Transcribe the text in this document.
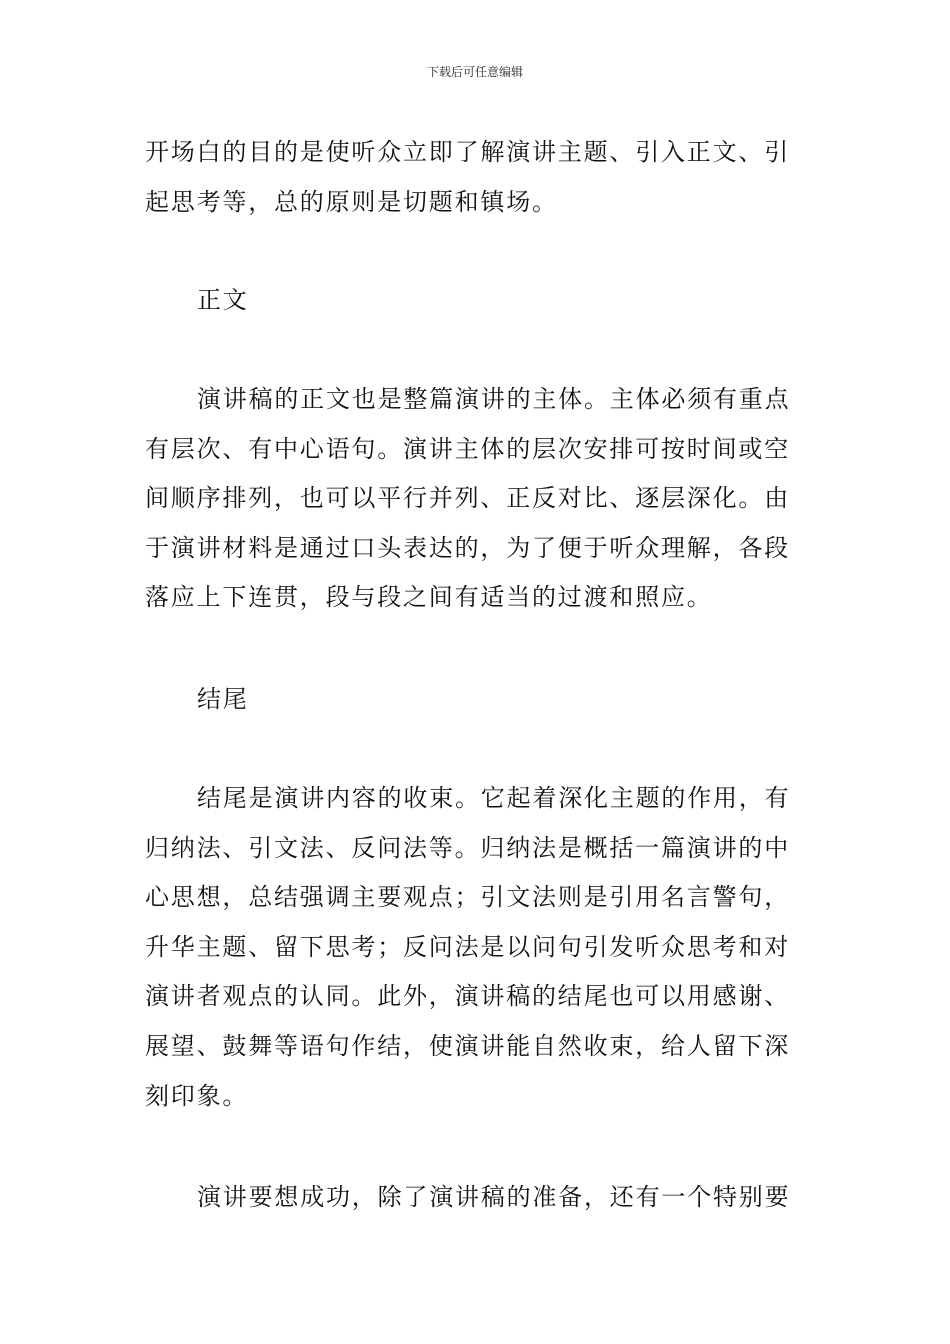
下载后可任意编辑

开场白的目的是使听众立即了解演讲主题、引入正文、引
起思考等，总的原则是切题和镇场。

正文

演讲稿的正文也是整篇演讲的主体。主体必须有重点
有层次、有中心语句。演讲主体的层次安排可按时间或空
间顺序排列，也可以平行并列、正反对比、逐层深化。由
于演讲材料是通过口头表达的，为了便于听众理解，各段
落应上下连贯，段与段之间有适当的过渡和照应。

结尾

结尾是演讲内容的收束。它起着深化主题的作用，有
归纳法、引文法、反问法等。归纳法是概括一篇演讲的中
心思想，总结强调主要观点；引文法则是引用名言警句，
升华主题、留下思考；反问法是以问句引发听众思考和对
演讲者观点的认同。此外，演讲稿的结尾也可以用感谢、
展望、鼓舞等语句作结，使演讲能自然收束，给人留下深
刻印象。

演讲要想成功，除了演讲稿的准备，还有一个特别要
